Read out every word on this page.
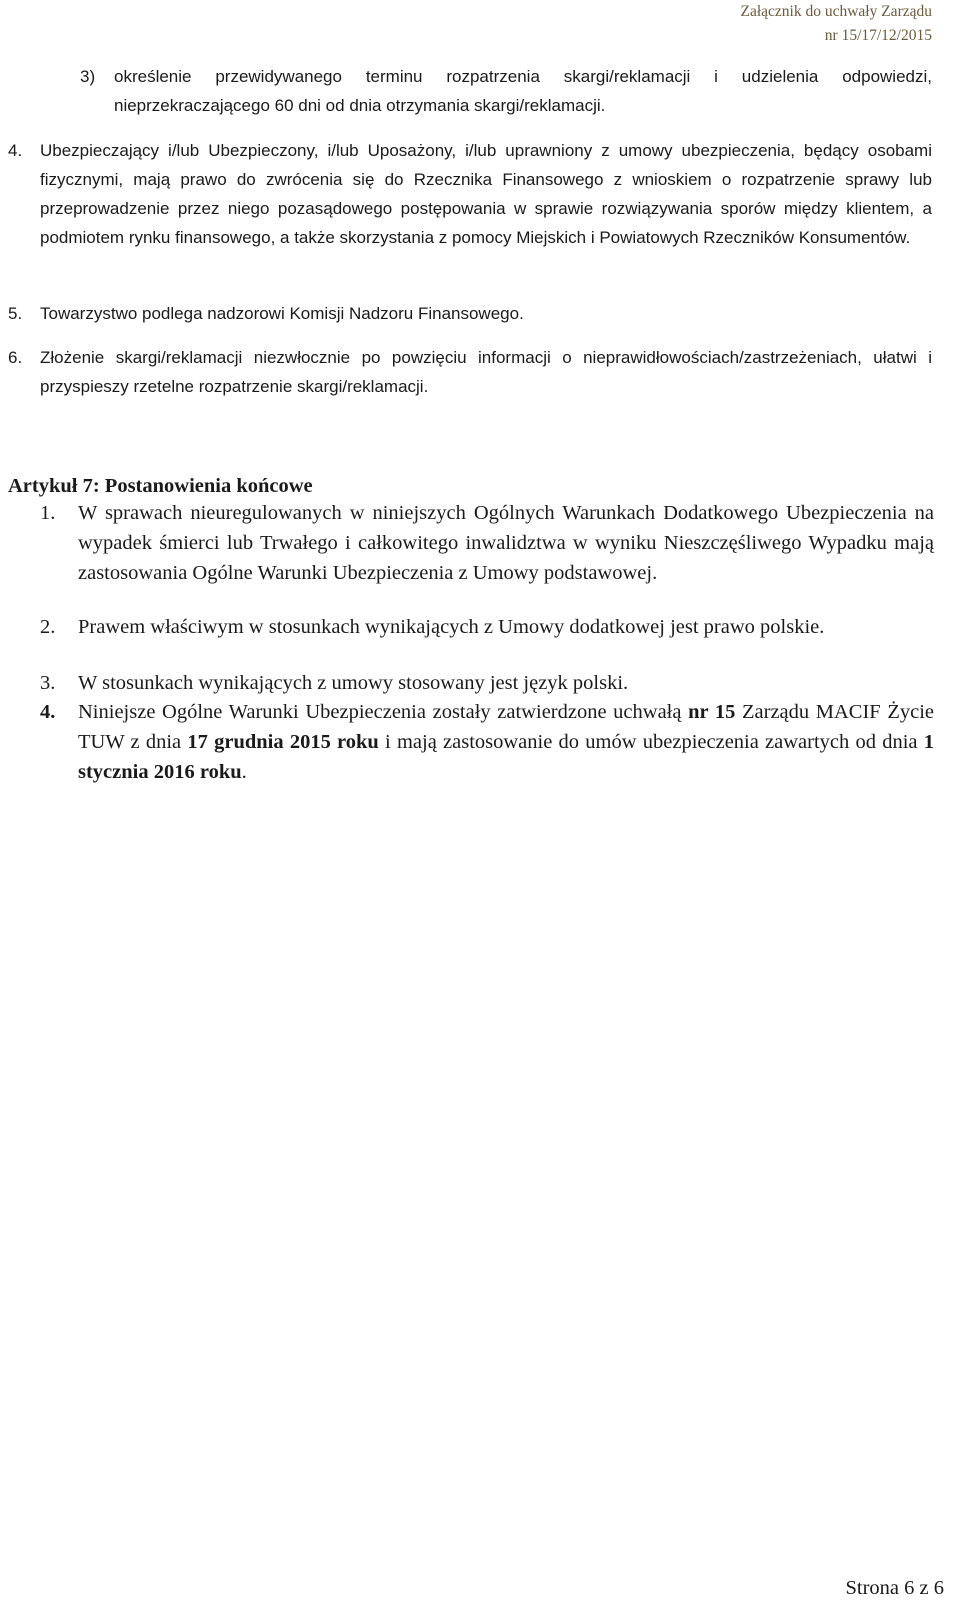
Załącznik do uchwały Zarządu
nr 15/17/12/2015
3) określenie przewidywanego terminu rozpatrzenia skargi/reklamacji i udzielenia odpowiedzi, nieprzekraczającego 60 dni od dnia otrzymania skargi/reklamacji.
4. Ubezpieczający i/lub Ubezpieczony, i/lub Uposażony, i/lub uprawniony z umowy ubezpieczenia, będący osobami fizycznymi, mają prawo do zwrócenia się do Rzecznika Finansowego z wnioskiem o rozpatrzenie sprawy lub przeprowadzenie przez niego pozasądowego postępowania w sprawie rozwiązywania sporów między klientem, a podmiotem rynku finansowego, a także skorzystania z pomocy Miejskich i Powiatowych Rzeczników Konsumentów.
5. Towarzystwo podlega nadzorowi Komisji Nadzoru Finansowego.
6. Złożenie skargi/reklamacji niezwłocznie po powzięciu informacji o nieprawidłowościach/zastrzeżeniach, ułatwi i przyspieszy rzetelne rozpatrzenie skargi/reklamacji.
Artykuł 7: Postanowienia końcowe
1. W sprawach nieuregulowanych w niniejszych Ogólnych Warunkach Dodatkowego Ubezpieczenia na wypadek śmierci lub Trwałego i całkowitego inwalidztwa w wyniku Nieszczęśliwego Wypadku mają zastosowania Ogólne Warunki Ubezpieczenia z Umowy podstawowej.
2. Prawem właściwym w stosunkach wynikających z Umowy dodatkowej jest prawo polskie.
3. W stosunkach wynikających z umowy stosowany jest język polski.
4. Niniejsze Ogólne Warunki Ubezpieczenia zostały zatwierdzone uchwałą nr 15 Zarządu MACIF Życie TUW z dnia 17 grudnia 2015 roku i mają zastosowanie do umów ubezpieczenia zawartych od dnia 1 stycznia 2016 roku.
Strona 6 z 6
